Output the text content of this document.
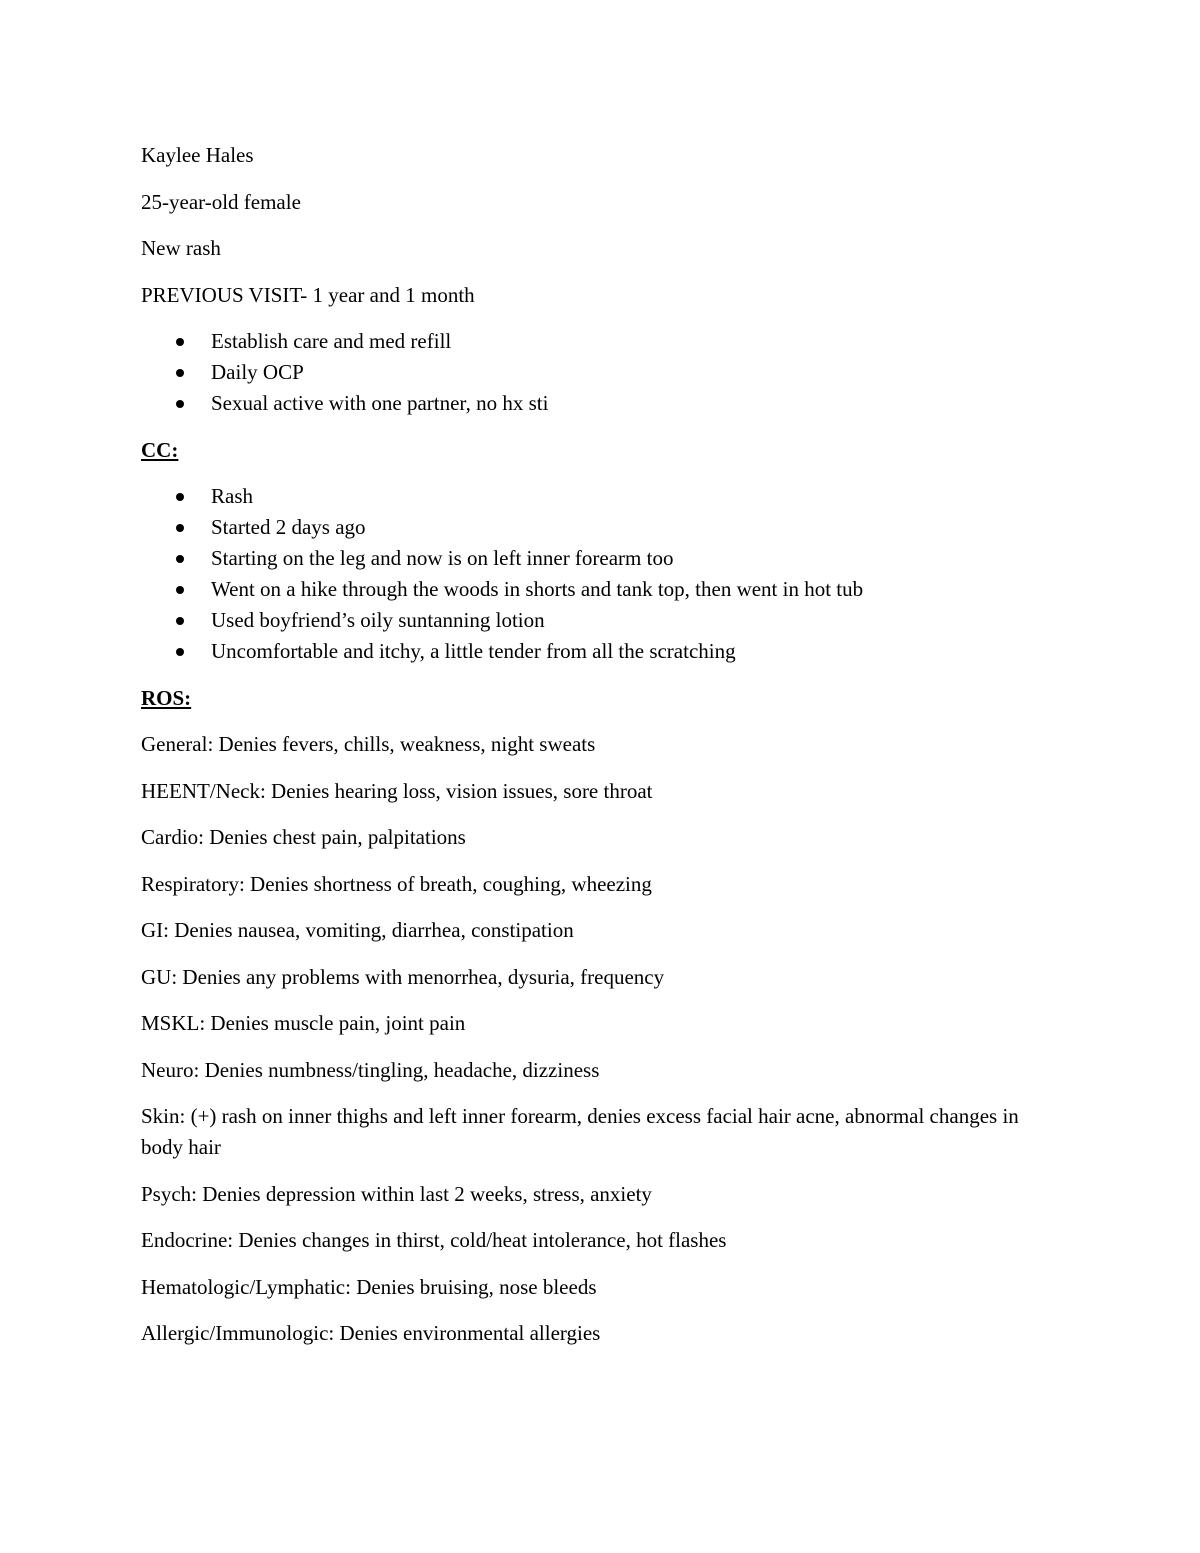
Kaylee Hales

25-year-old female

New rash

PREVIOUS VISIT- 1 year and 1 month

Establish care and med refill
Daily OCP
Sexual active with one partner, no hx sti

CC:

Rash
Started 2 days ago
Starting on the leg and now is on left inner forearm too
Went on a hike through the woods in shorts and tank top, then went in hot tub
Used boyfriend’s oily suntanning lotion
Uncomfortable and itchy, a little tender from all the scratching

ROS:

General: Denies fevers, chills, weakness, night sweats

HEENT/Neck: Denies hearing loss, vision issues, sore throat

Cardio: Denies chest pain, palpitations

Respiratory: Denies shortness of breath, coughing, wheezing

GI: Denies nausea, vomiting, diarrhea, constipation

GU: Denies any problems with menorrhea, dysuria, frequency

MSKL: Denies muscle pain, joint pain

Neuro: Denies numbness/tingling, headache, dizziness

Skin: (+) rash on inner thighs and left inner forearm, denies excess facial hair acne, abnormal changes in body hair

Psych: Denies depression within last 2 weeks, stress, anxiety

Endocrine: Denies changes in thirst, cold/heat intolerance, hot flashes

Hematologic/Lymphatic: Denies bruising, nose bleeds

Allergic/Immunologic: Denies environmental allergies
